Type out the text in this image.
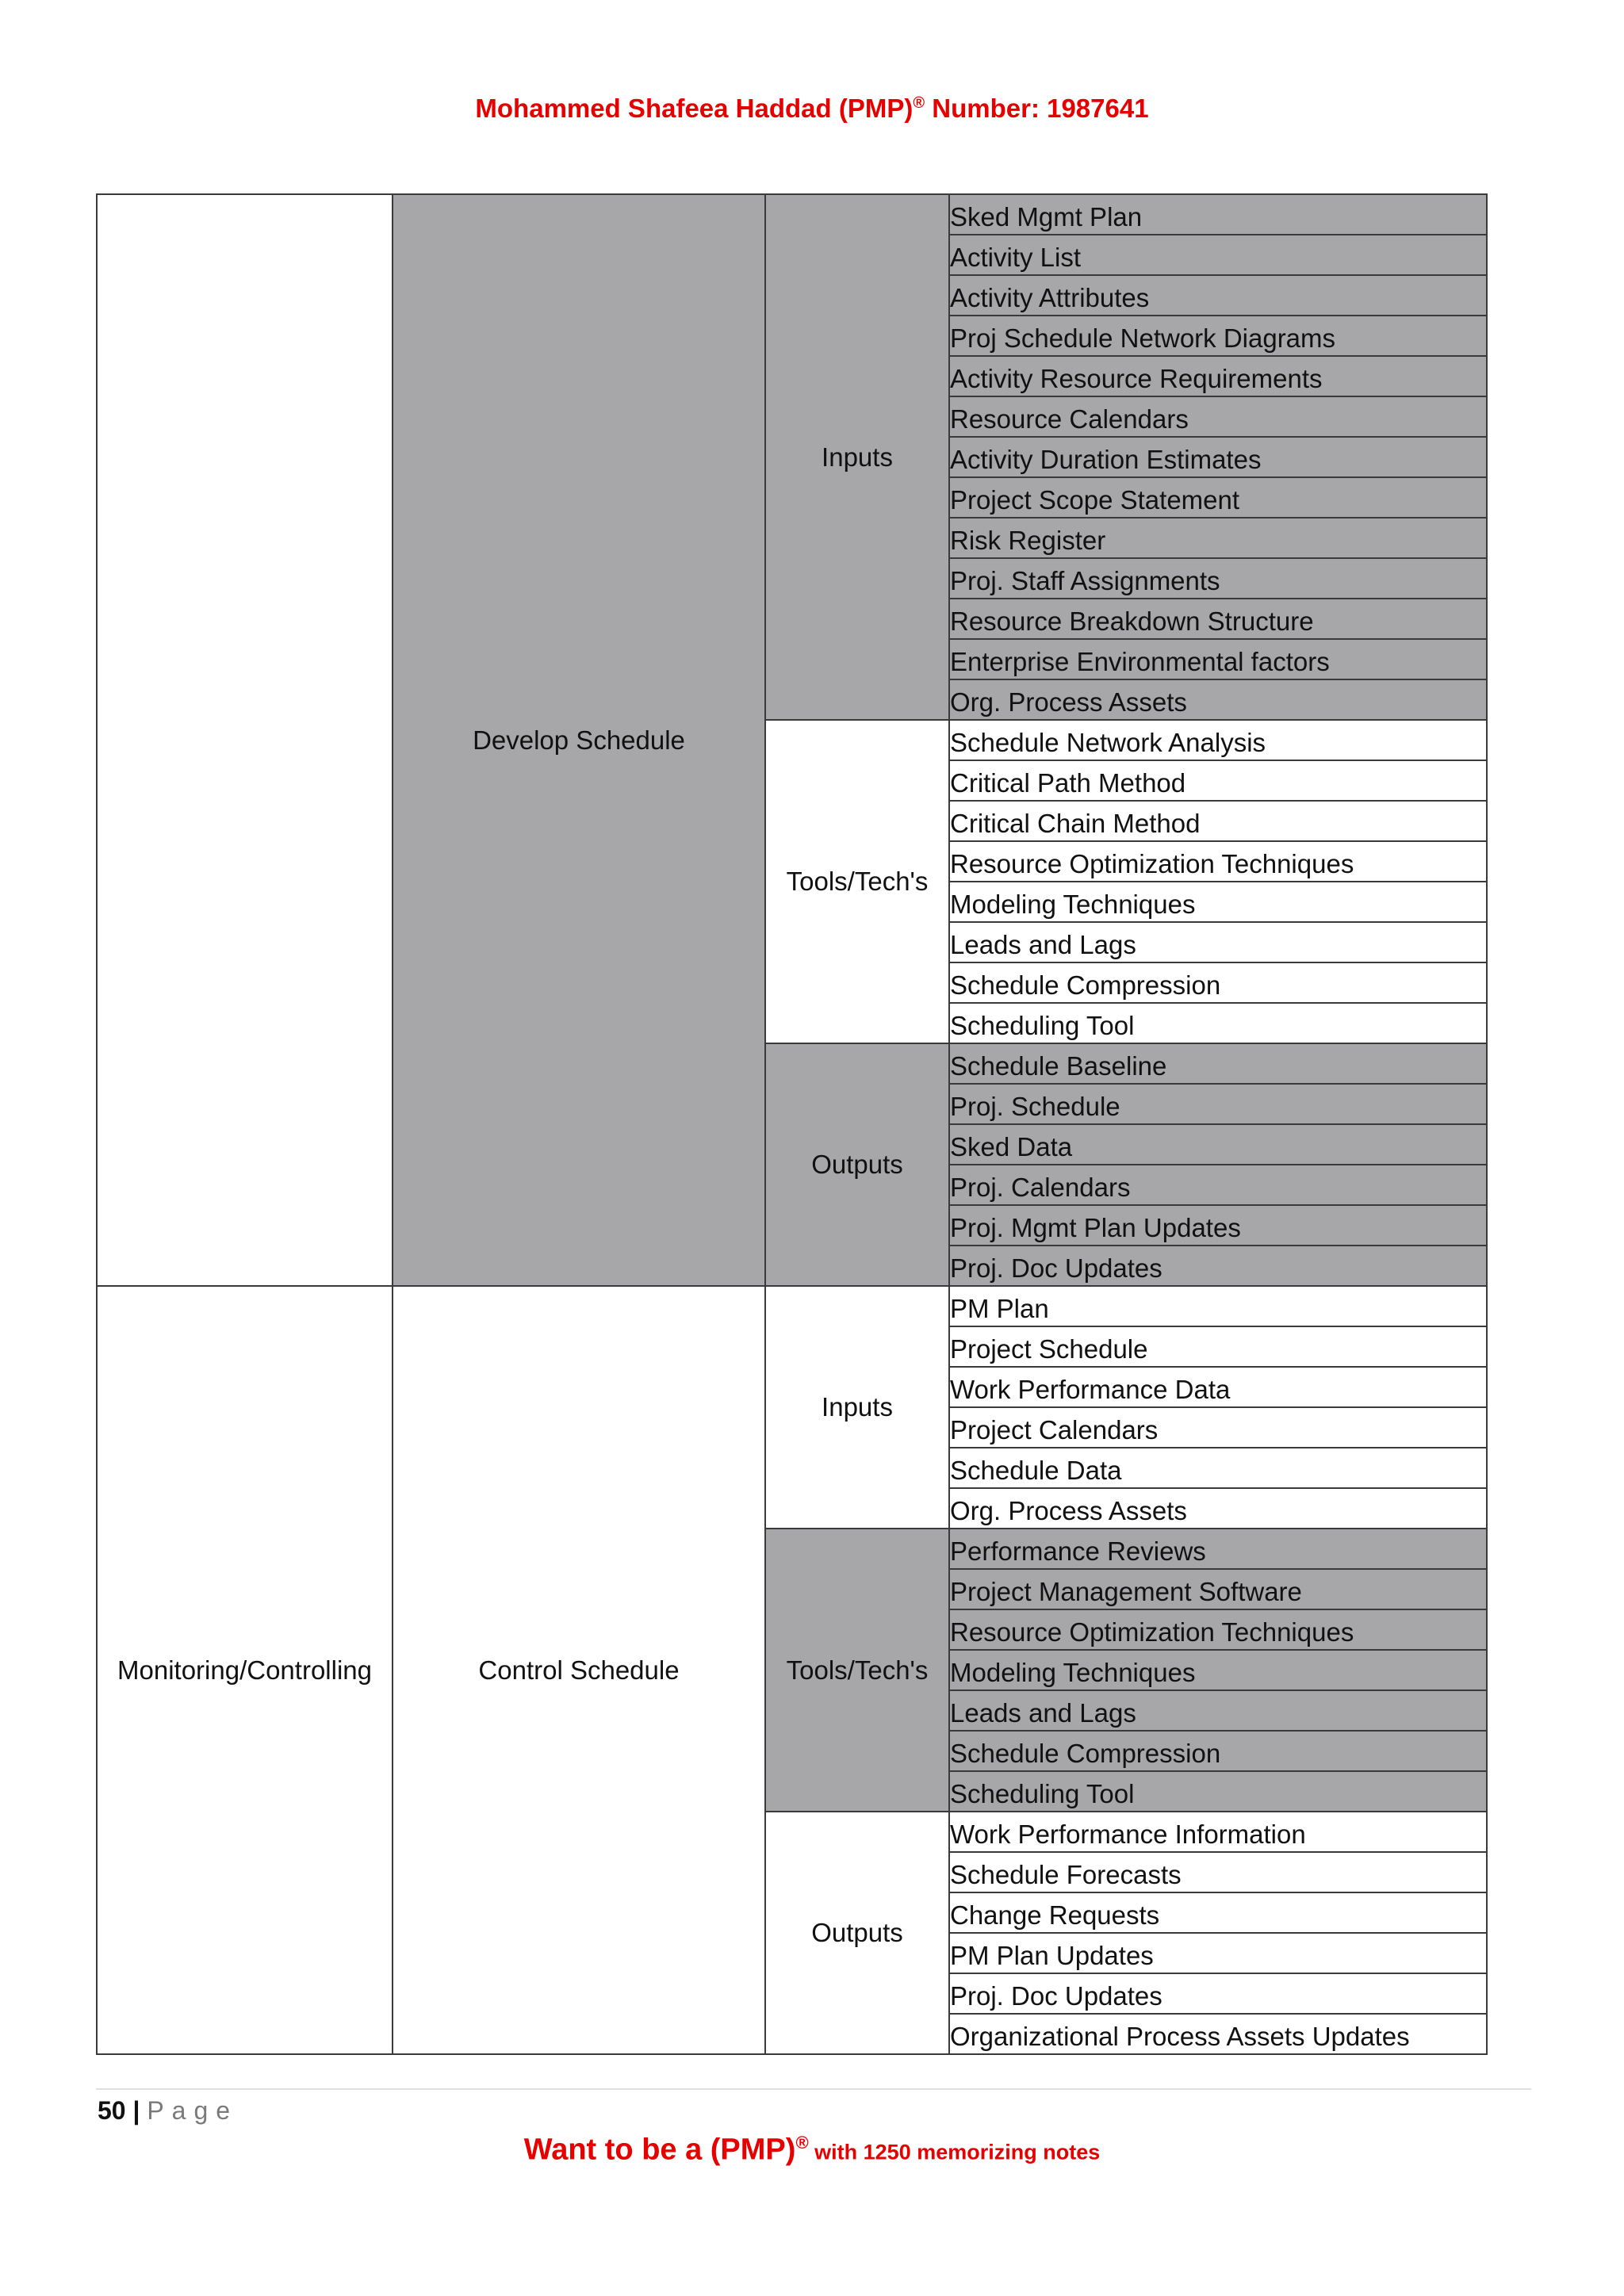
Mohammed Shafeea Haddad (PMP)® Number: 1987641
	Develop Schedule	Inputs	Sked Mgmt Plan
			Activity List
			Activity Attributes
			Proj Schedule Network Diagrams
			Activity Resource Requirements
			Resource Calendars
			Activity Duration Estimates
			Project Scope Statement
			Risk Register
			Proj. Staff Assignments
			Resource Breakdown Structure
			Enterprise Environmental factors
			Org. Process Assets
		Tools/Tech's	Schedule Network Analysis
			Critical Path Method
			Critical Chain Method
			Resource Optimization Techniques
			Modeling Techniques
			Leads and Lags
			Schedule Compression
			Scheduling Tool
		Outputs	Schedule Baseline
			Proj. Schedule
			Sked Data
			Proj. Calendars
			Proj. Mgmt Plan Updates
			Proj. Doc Updates
Monitoring/Controlling	Control Schedule	Inputs	PM Plan
			Project Schedule
			Work Performance Data
			Project Calendars
			Schedule Data
			Org. Process Assets
		Tools/Tech's	Performance Reviews
			Project Management Software
			Resource Optimization Techniques
			Modeling Techniques
			Leads and Lags
			Schedule Compression
			Scheduling Tool
		Outputs	Work Performance Information
			Schedule Forecasts
			Change Requests
			PM Plan Updates
			Proj. Doc Updates
			Organizational Process Assets Updates
50 | Page
Want to be a (PMP)® with 1250 memorizing notes
